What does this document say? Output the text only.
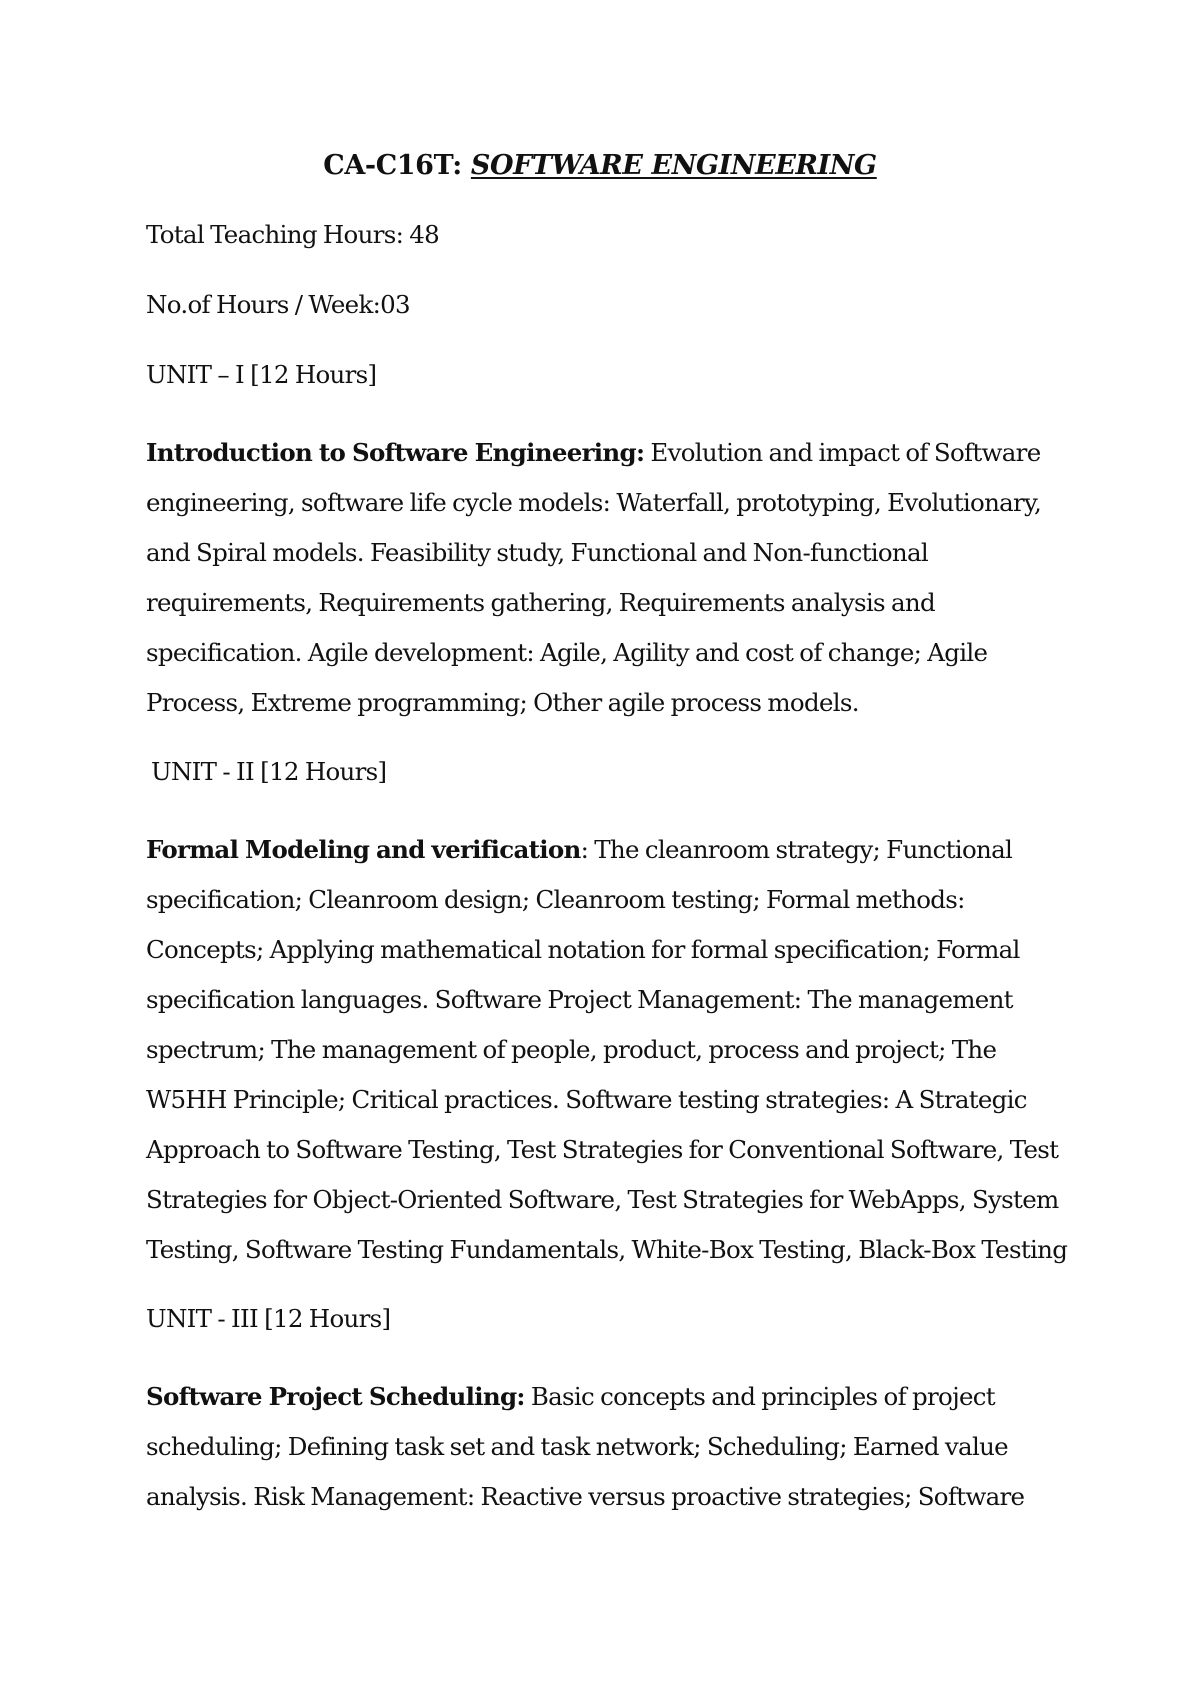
CA-C16T: SOFTWARE ENGINEERING
Total Teaching Hours: 48
No.of Hours / Week:03
UNIT – I [12 Hours]
Introduction to Software Engineering: Evolution and impact of Software engineering, software life cycle models: Waterfall, prototyping, Evolutionary, and Spiral models. Feasibility study, Functional and Non-functional requirements, Requirements gathering, Requirements analysis and specification. Agile development: Agile, Agility and cost of change; Agile Process, Extreme programming; Other agile process models.
UNIT - II [12 Hours]
Formal Modeling and verification: The cleanroom strategy; Functional specification; Cleanroom design; Cleanroom testing; Formal methods: Concepts; Applying mathematical notation for formal specification; Formal specification languages. Software Project Management: The management spectrum; The management of people, product, process and project; The W5HH Principle; Critical practices. Software testing strategies: A Strategic Approach to Software Testing, Test Strategies for Conventional Software, Test Strategies for Object-Oriented Software, Test Strategies for WebApps, System Testing, Software Testing Fundamentals, White-Box Testing, Black-Box Testing
UNIT - III [12 Hours]
Software Project Scheduling: Basic concepts and principles of project scheduling; Defining task set and task network; Scheduling; Earned value analysis. Risk Management: Reactive versus proactive strategies; Software
